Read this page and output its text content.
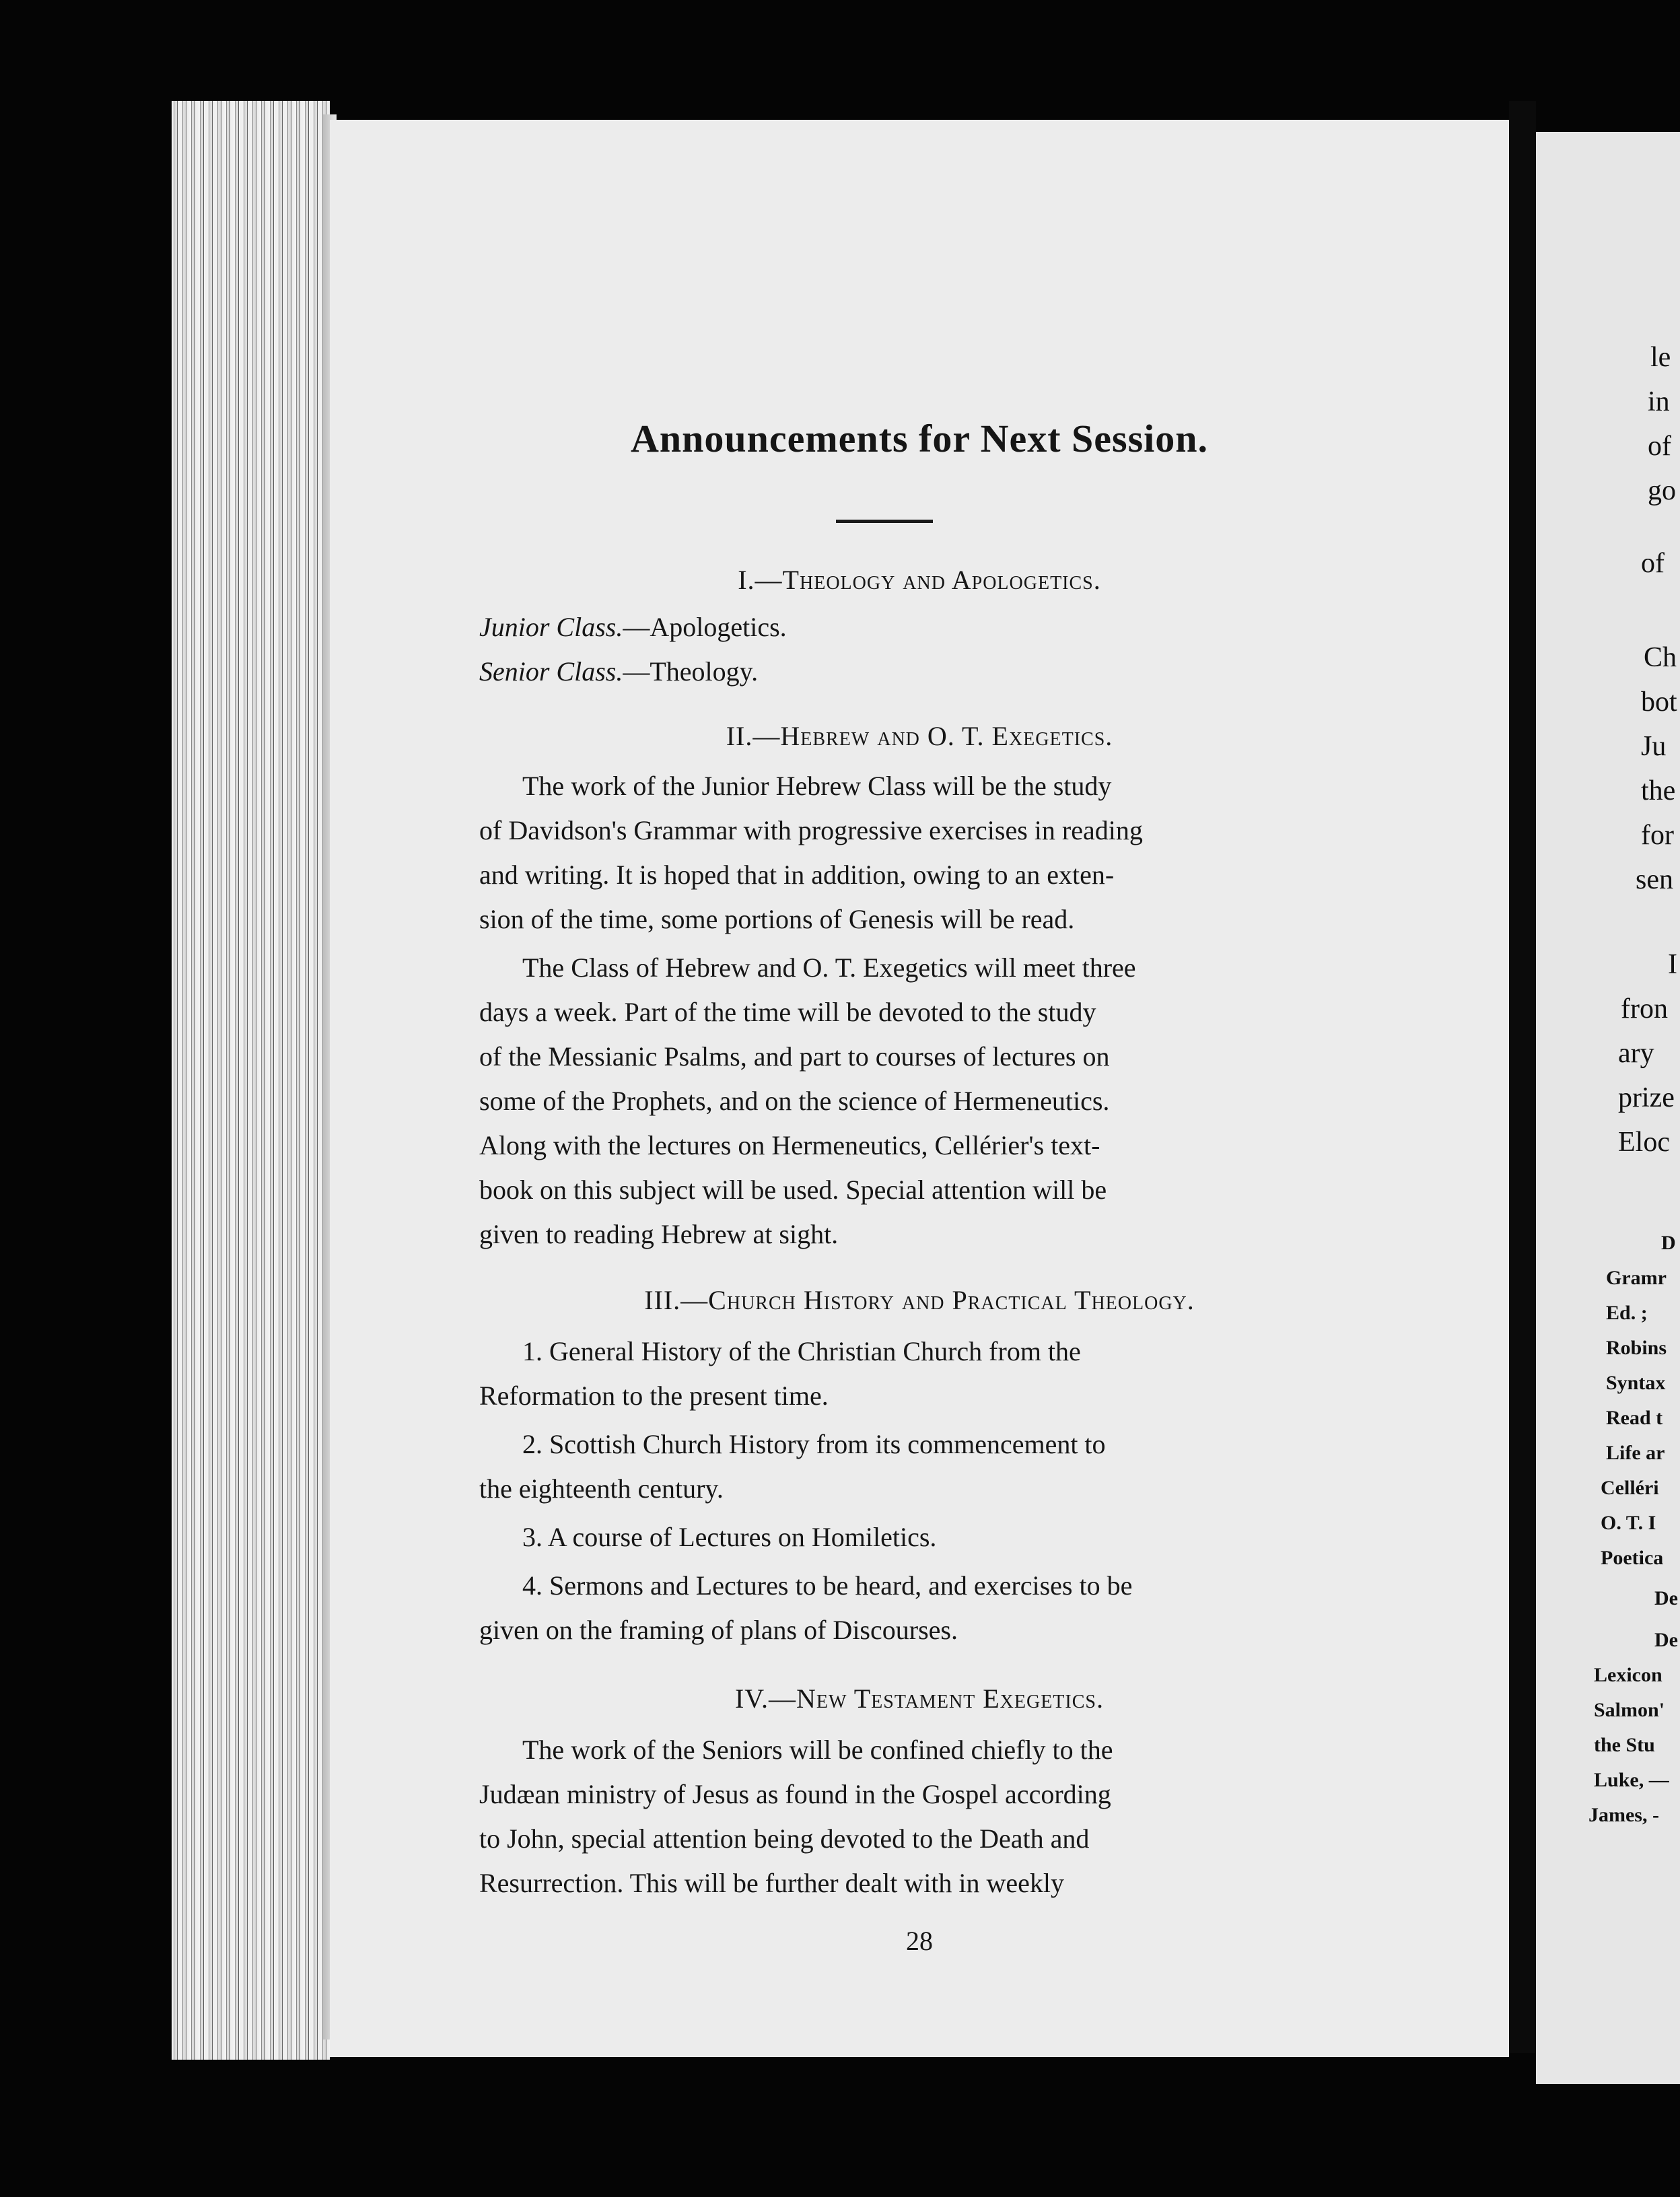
Announcements for Next Session.
I.—Theology and Apologetics.
Junior Class.—Apologetics.
Senior Class.—Theology.
II.—Hebrew and O. T. Exegetics.
The work of the Junior Hebrew Class will be the study
of Davidson's Grammar with progressive exercises in reading
and writing. It is hoped that in addition, owing to an exten-
sion of the time, some portions of Genesis will be read.
The Class of Hebrew and O. T. Exegetics will meet three
days a week. Part of the time will be devoted to the study
of the Messianic Psalms, and part to courses of lectures on
some of the Prophets, and on the science of Hermeneutics.
Along with the lectures on Hermeneutics, Cellérier's text-
book on this subject will be used. Special attention will be
given to reading Hebrew at sight.
III.—Church History and Practical Theology.
1. General History of the Christian Church from the
Reformation to the present time.
2. Scottish Church History from its commencement to
the eighteenth century.
3. A course of Lectures on Homiletics.
4. Sermons and Lectures to be heard, and exercises to be
given on the framing of plans of Discourses.
IV.—New Testament Exegetics.
The work of the Seniors will be confined chiefly to the
Judæan ministry of Jesus as found in the Gospel according
to John, special attention being devoted to the Death and
Resurrection. This will be further dealt with in weekly
28
le
in
of
go
of
Ch
bot
Ju
the
for
sen
I
fron
ary
prize
Eloc
D
Gramr
Ed. ;
Robins
Syntax
Read t
Life ar
Celléri
O. T. I
Poetica
De
De
Lexicon
Salmon'
the Stu
Luke, —
James, -
